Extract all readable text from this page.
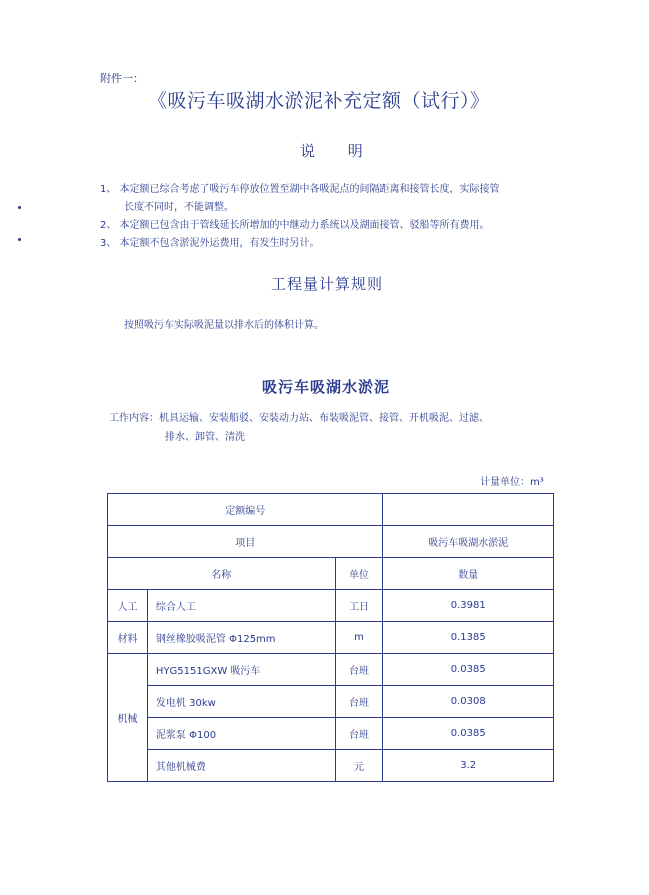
附件一：
《吸污车吸湖水淤泥补充定额（试行）》
说 明
1、 本定额已综合考虑了吸污车停放位置至湖中各吸泥点的间隔距离和接管长度，实际接管
长度不同时，不能调整。
2、 本定额已包含由于管线延长所增加的中继动力系统以及湖面接管、驳船等所有费用。
3、 本定额不包含淤泥外运费用，有发生时另计。
工程量计算规则
按照吸污车实际吸泥量以排水后的体积计算。
吸污车吸湖水淤泥
工作内容：机具运输、安装船驳、安装动力站、布装吸泥管、接管、开机吸泥、过滤、
排水、卸管、清洗
计量单位：m³
定额编号			
项目			吸污车吸湖水淤泥
名称		单位	数量
人工	综合人工	工日	0.3981
材料	钢丝橡胶吸泥管 Φ125mm	m	0.1385
机械	HYG5151GXW 吸污车	台班	0.0385
	发电机 30kw	台班	0.0308
	泥浆泵 Φ100	台班	0.0385
	其他机械费	元	3.2
